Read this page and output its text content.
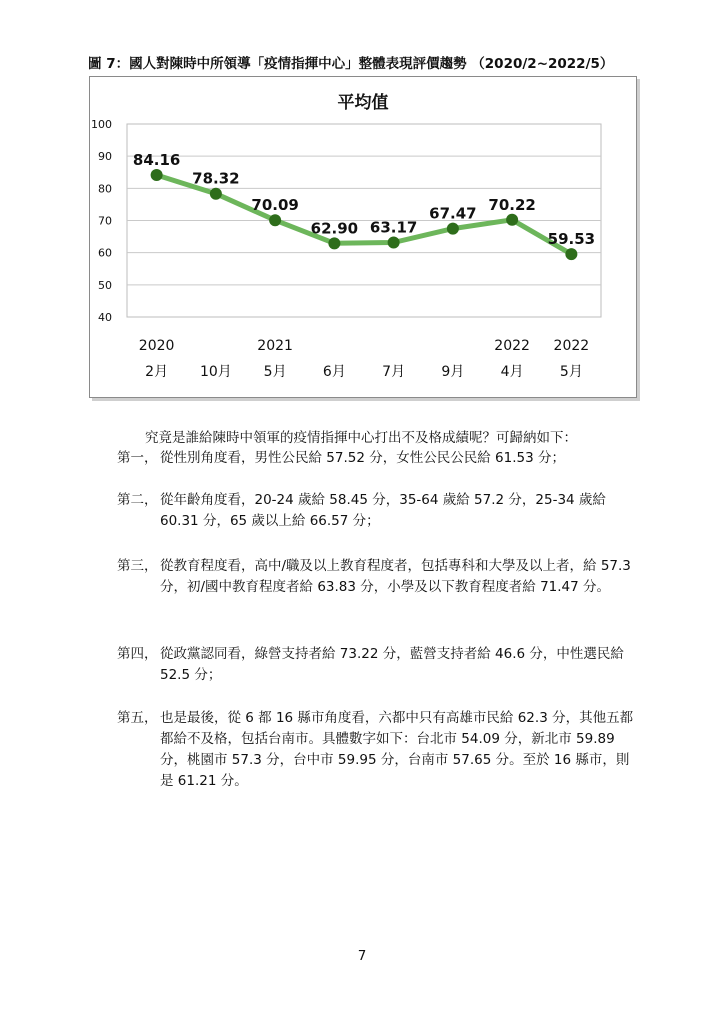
圖 7：國人對陳時中所領導「疫情指揮中心」整體表現評價趨勢 （2020/2~2022/5）
平均值
100
90
80
70
60
50
40
84.16
78.32
70.09
62.90 63.17
67.47 70.22
59.53
2020
2月 10月
2021
5月	6月	7月	9月
2022
4月
2022
5月

究竟是誰給陳時中領軍的疫情指揮中心打出不及格成績呢？可歸納如下：

第一， 從性別角度看，男性公民給 57.52 分，女性公民公民給 61.53 分；
第二， 從年齡角度看，20-24 歲給 58.45 分，35-64 歲給 57.2 分，25-34 歲給 60.31 分，65 歲以上給 66.57 分；
第三， 從教育程度看，高中/職及以上教育程度者，包括專科和大學及以上者，給 57.3 分，初/國中教育程度者給 63.83 分，小學及以下教育程度者給 71.47 分。
第四， 從政黨認同看，綠營支持者給 73.22 分，藍營支持者給 46.6 分，中性選民給 52.5 分；
第五， 也是最後，從 6 都 16 縣市角度看，六都中只有高雄市民給 62.3 分，其他五都都給不及格，包括台南市。具體數字如下：台北市 54.09 分，新北市 59.89 分，桃園市 57.3 分，台中市 59.95 分，台南市 57.65 分。至於 16 縣市，則是 61.21 分。
7
